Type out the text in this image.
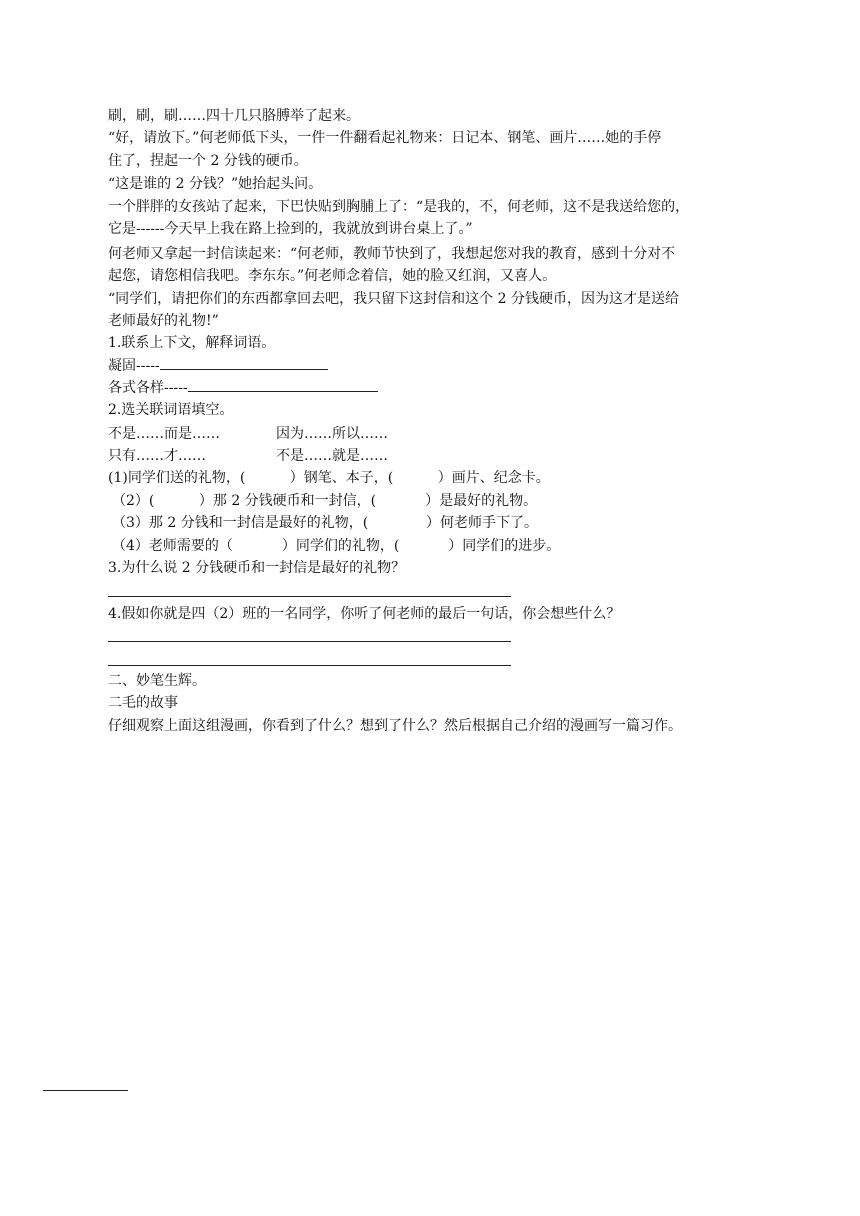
刷，刷，刷……四十几只胳膊举了起来。
“好，请放下。”何老师低下头，一件一件翻看起礼物来：日记本、钢笔、画片……她的手停
住了，捏起一个 2 分钱的硬币。
“这是谁的 2 分钱？”她抬起头问。
一个胖胖的女孩站了起来，下巴快贴到胸脯上了：“是我的，不，何老师，这不是我送给您的，
它是------今天早上我在路上捡到的，我就放到讲台桌上了。”
何老师又拿起一封信读起来：“何老师，教师节快到了，我想起您对我的教育，感到十分对不
起您，请您相信我吧。李东东。”何老师念着信，她的脸又红润，又喜人。
“同学们，请把你们的东西都拿回去吧，我只留下这封信和这个 2 分钱硬币，因为这才是送给
老师最好的礼物!”
1.联系上下文，解释词语。
凝固-----
各式各样-----
2.选关联词语填空。
不是……而是……	因为……所以……
只有……才……	不是……就是……
(1)同学们送的礼物，(          ）钢笔、本子，(          ）画片、纪念卡。
（2）(          ）那 2 分钱硬币和一封信，(           ）是最好的礼物。
（3）那 2 分钱和一封信是最好的礼物，(             ）何老师手下了。
（4）老师需要的（           ）同学们的礼物，(           ）同学们的进步。
3.为什么说 2 分钱硬币和一封信是最好的礼物？
4.假如你就是四（2）班的一名同学，你听了何老师的最后一句话，你会想些什么？
二、妙笔生辉。
二毛的故事
仔细观察上面这组漫画，你看到了什么？想到了什么？然后根据自己介绍的漫画写一篇习作。
